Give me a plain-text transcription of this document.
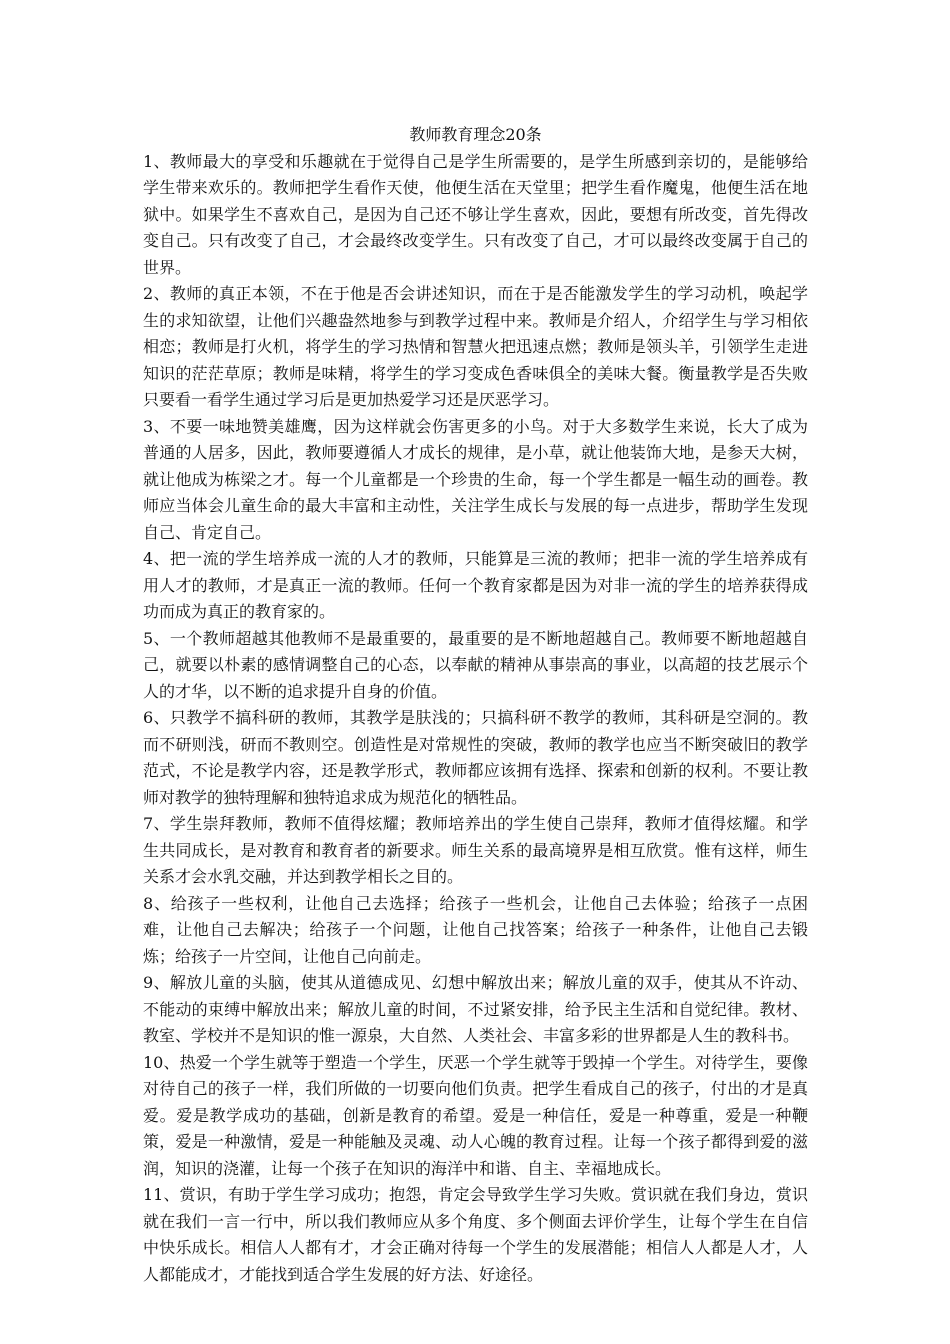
教师教育理念20条

1、教师最大的享受和乐趣就在于觉得自己是学生所需要的，是学生所感到亲切的，是能够给学生带来欢乐的。教师把学生看作天使，他便生活在天堂里；把学生看作魔鬼，他便生活在地狱中。如果学生不喜欢自己，是因为自己还不够让学生喜欢，因此，要想有所改变，首先得改变自己。只有改变了自己，才会最终改变学生。只有改变了自己，才可以最终改变属于自己的世界。

2、教师的真正本领，不在于他是否会讲述知识，而在于是否能激发学生的学习动机，唤起学生的求知欲望，让他们兴趣盎然地参与到教学过程中来。教师是介绍人，介绍学生与学习相依相恋；教师是打火机，将学生的学习热情和智慧火把迅速点燃；教师是领头羊，引领学生走进知识的茫茫草原；教师是味精，将学生的学习变成色香味俱全的美味大餐。衡量教学是否失败只要看一看学生通过学习后是更加热爱学习还是厌恶学习。

3、不要一味地赞美雄鹰，因为这样就会伤害更多的小鸟。对于大多数学生来说，长大了成为普通的人居多，因此，教师要遵循人才成长的规律，是小草，就让他装饰大地，是参天大树，就让他成为栋梁之才。每一个儿童都是一个珍贵的生命，每一个学生都是一幅生动的画卷。教师应当体会儿童生命的最大丰富和主动性，关注学生成长与发展的每一点进步，帮助学生发现自己、肯定自己。

4、把一流的学生培养成一流的人才的教师，只能算是三流的教师；把非一流的学生培养成有用人才的教师，才是真正一流的教师。任何一个教育家都是因为对非一流的学生的培养获得成功而成为真正的教育家的。

5、一个教师超越其他教师不是最重要的，最重要的是不断地超越自己。教师要不断地超越自己，就要以朴素的感情调整自己的心态，以奉献的精神从事崇高的事业，以高超的技艺展示个人的才华，以不断的追求提升自身的价值。

6、只教学不搞科研的教师，其教学是肤浅的；只搞科研不教学的教师，其科研是空洞的。教而不研则浅，研而不教则空。创造性是对常规性的突破，教师的教学也应当不断突破旧的教学范式，不论是教学内容，还是教学形式，教师都应该拥有选择、探索和创新的权利。不要让教师对教学的独特理解和独特追求成为规范化的牺牲品。

7、学生崇拜教师，教师不值得炫耀；教师培养出的学生使自己崇拜，教师才值得炫耀。和学生共同成长，是对教育和教育者的新要求。师生关系的最高境界是相互欣赏。惟有这样，师生关系才会水乳交融，并达到教学相长之目的。

8、给孩子一些权利，让他自己去选择；给孩子一些机会，让他自己去体验；给孩子一点困难，让他自己去解决；给孩子一个问题，让他自己找答案；给孩子一种条件，让他自己去锻炼；给孩子一片空间，让他自己向前走。

9、解放儿童的头脑，使其从道德成见、幻想中解放出来；解放儿童的双手，使其从不许动、不能动的束缚中解放出来；解放儿童的时间，不过紧安排，给予民主生活和自觉纪律。教材、教室、学校并不是知识的惟一源泉，大自然、人类社会、丰富多彩的世界都是人生的教科书。

10、热爱一个学生就等于塑造一个学生，厌恶一个学生就等于毁掉一个学生。对待学生，要像对待自己的孩子一样，我们所做的一切要向他们负责。把学生看成自己的孩子，付出的才是真爱。爱是教学成功的基础，创新是教育的希望。爱是一种信任，爱是一种尊重，爱是一种鞭策，爱是一种激情，爱是一种能触及灵魂、动人心魄的教育过程。让每一个孩子都得到爱的滋润，知识的浇灌，让每一个孩子在知识的海洋中和谐、自主、幸福地成长。

11、赏识，有助于学生学习成功；抱怨，肯定会导致学生学习失败。赏识就在我们身边，赏识就在我们一言一行中，所以我们教师应从多个角度、多个侧面去评价学生，让每个学生在自信中快乐成长。相信人人都有才，才会正确对待每一个学生的发展潜能；相信人人都是人才，人人都能成才，才能找到适合学生发展的好方法、好途径。
